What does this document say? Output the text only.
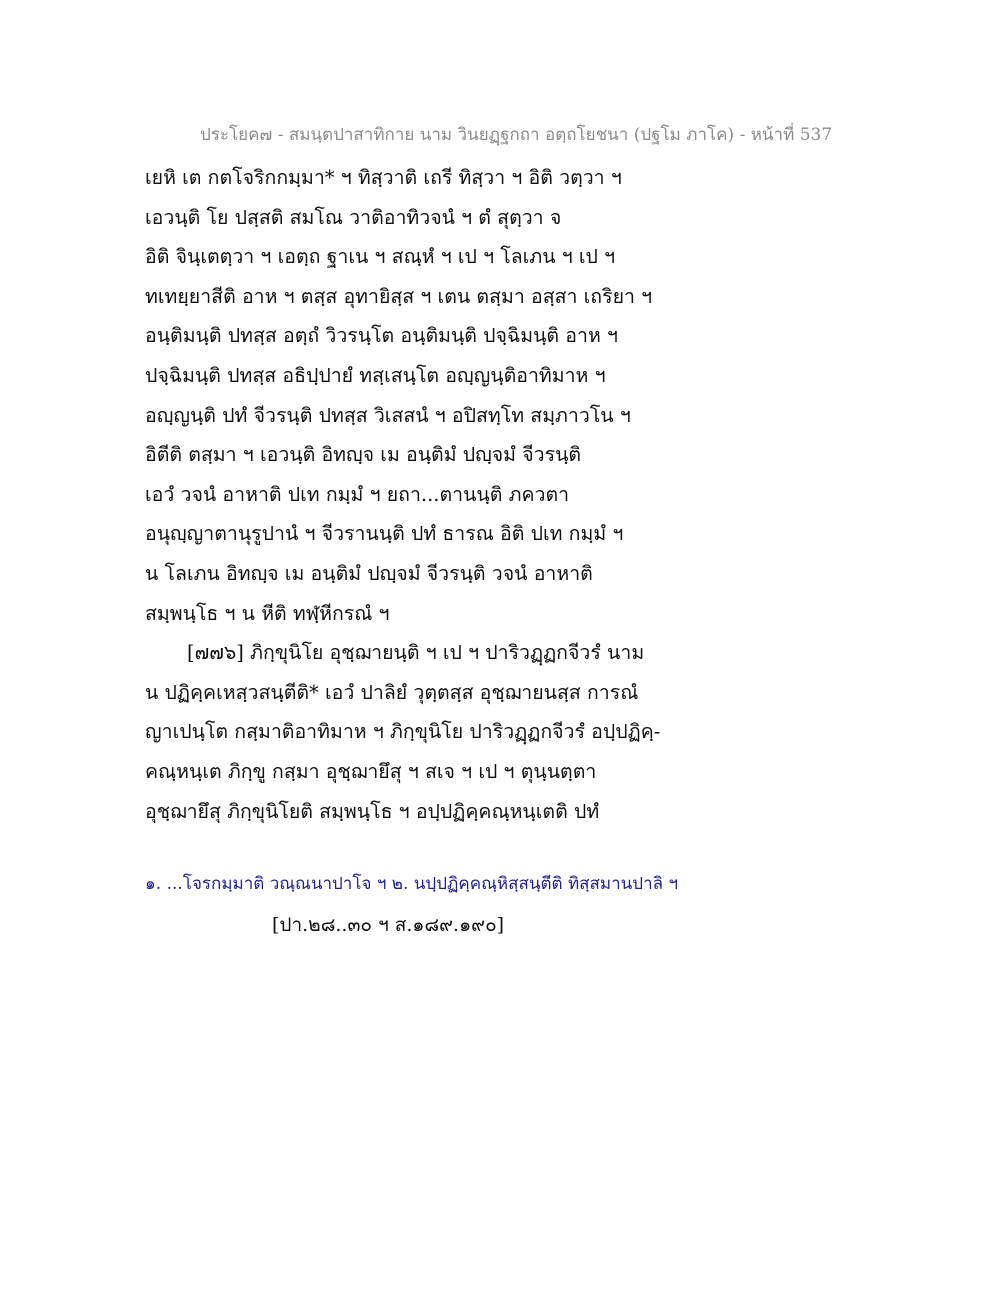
ประโยค๗ - สมนฺตปาสาทิกาย นาม วินยฏฺฐกถา อตฺถโยชนา (ปฐโม ภาโค) - หน้าที่ 537
เยหิ เต กตโจริกกมฺมา* ฯ ทิสฺวาติ เถรี ทิสฺวา ฯ อิติ วตฺวา ฯ
เอวนฺติ โย ปสฺสติ สมโณ วาติอาทิวจนํ ฯ ตํ สุตฺวา จ
อิติ จินฺเตตฺวา ฯ เอตฺถ ฐาเน ฯ สณฺหํ ฯ เป ฯ โลเภน ฯ เป ฯ
ทเทยฺยาสีติ อาห ฯ ตสฺส อุทายิสฺส ฯ เตน ตสฺมา อสฺสา เถริยา ฯ
อนฺติมนฺติ ปทสฺส อตฺถํ วิวรนฺโต อนฺติมนฺติ ปจฺฉิมนฺติ อาห ฯ
ปจฺฉิมนฺติ ปทสฺส อธิปฺปายํ ทสฺเสนฺโต อญฺญนฺติอาทิมาห ฯ
อญฺญนฺติ ปทํ จีวรนฺติ ปทสฺส วิเสสนํ ฯ อปิสทฺโท สมฺภาวโน ฯ
อิตีติ ตสฺมา ฯ เอวนฺติ อิทญฺจ เม อนฺติมํ ปญฺจมํ จีวรนฺติ
เอวํ วจนํ อาหาติ ปเท กมฺมํ ฯ ยถา...ตานนฺติ ภควตา
อนุญฺญาตานุรูปานํ ฯ จีวรานนฺติ ปทํ ธารณ อิติ ปเท กมฺมํ ฯ
น โลเภน อิทญฺจ เม อนฺติมํ ปญฺจมํ จีวรนฺติ วจนํ อาหาติ
สมฺพนฺโธ ฯ น หีติ ทฬฺหีกรณํ ฯ
[๗๗๖] ภิกฺขุนิโย อุชฺฌายนฺติ ฯ เป ฯ ปาริวฏฺฏกจีวรํ นาม
น ปฏิคฺคเหสฺวสนฺตีติ* เอวํ ปาลิยํ วุตฺตสฺส อุชฺฌายนสฺส การณํ
ญาเปนฺโต กสฺมาติอาทิมาห ฯ ภิกฺขุนิโย ปาริวฏฺฏกจีวรํ อปฺปฏิคฺ-
คณฺหนฺเต ภิกฺขู กสฺมา อุชฺฌายึสุ ฯ สเจ ฯ เป ฯ ตุนฺนตฺตา
อุชฺฌายึสุ ภิกฺขุนิโยติ สมฺพนฺโธ ฯ อปฺปฏิคฺคณฺหนฺเตติ ปทํ
๑. ...โจรกมฺมาติ วณฺณนาปาโจ ฯ ๒. นปฺปฏิคฺคณฺหิสฺสนฺตีติ ทิสฺสมานปาลิ ฯ
[ปา.๒๘..๓๐ ฯ ส.๑๘๙.๑๙๐]
